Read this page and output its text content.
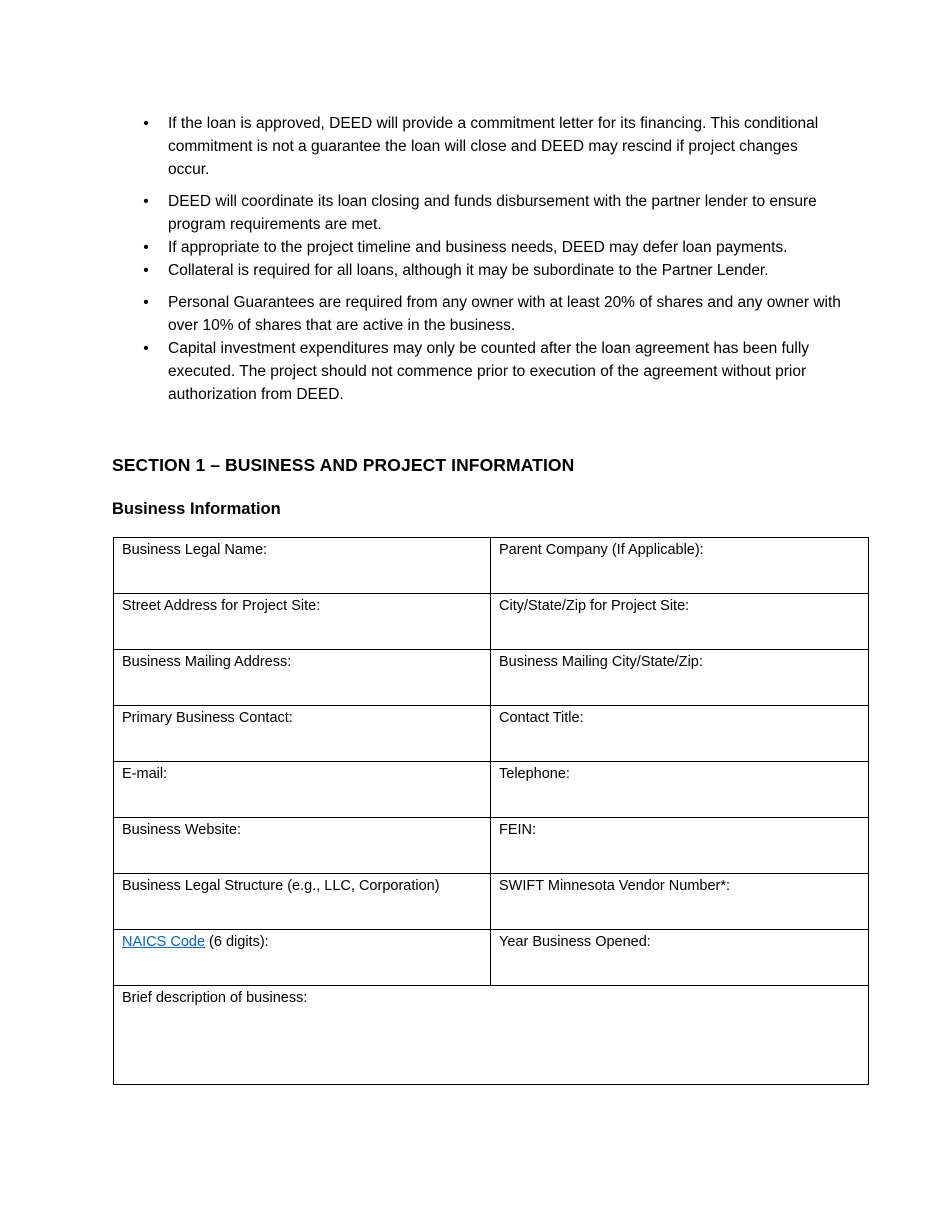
• If the loan is approved, DEED will provide a commitment letter for its financing. This conditional commitment is not a guarantee the loan will close and DEED may rescind if project changes occur.
• DEED will coordinate its loan closing and funds disbursement with the partner lender to ensure program requirements are met.
• If appropriate to the project timeline and business needs, DEED may defer loan payments.
• Collateral is required for all loans, although it may be subordinate to the Partner Lender.
• Personal Guarantees are required from any owner with at least 20% of shares and any owner with over 10% of shares that are active in the business.
• Capital investment expenditures may only be counted after the loan agreement has been fully executed. The project should not commence prior to execution of the agreement without prior authorization from DEED.
SECTION 1 – BUSINESS AND PROJECT INFORMATION
Business Information
Business Legal Name:	Parent Company (If Applicable):
Street Address for Project Site:	City/State/Zip for Project Site:
Business Mailing Address:	Business Mailing City/State/Zip:
Primary Business Contact:	Contact Title:
E-mail:	Telephone:
Business Website:	FEIN:
Business Legal Structure (e.g., LLC, Corporation)	SWIFT Minnesota Vendor Number*:
NAICS Code (6 digits):	Year Business Opened:
Brief description of business:	
